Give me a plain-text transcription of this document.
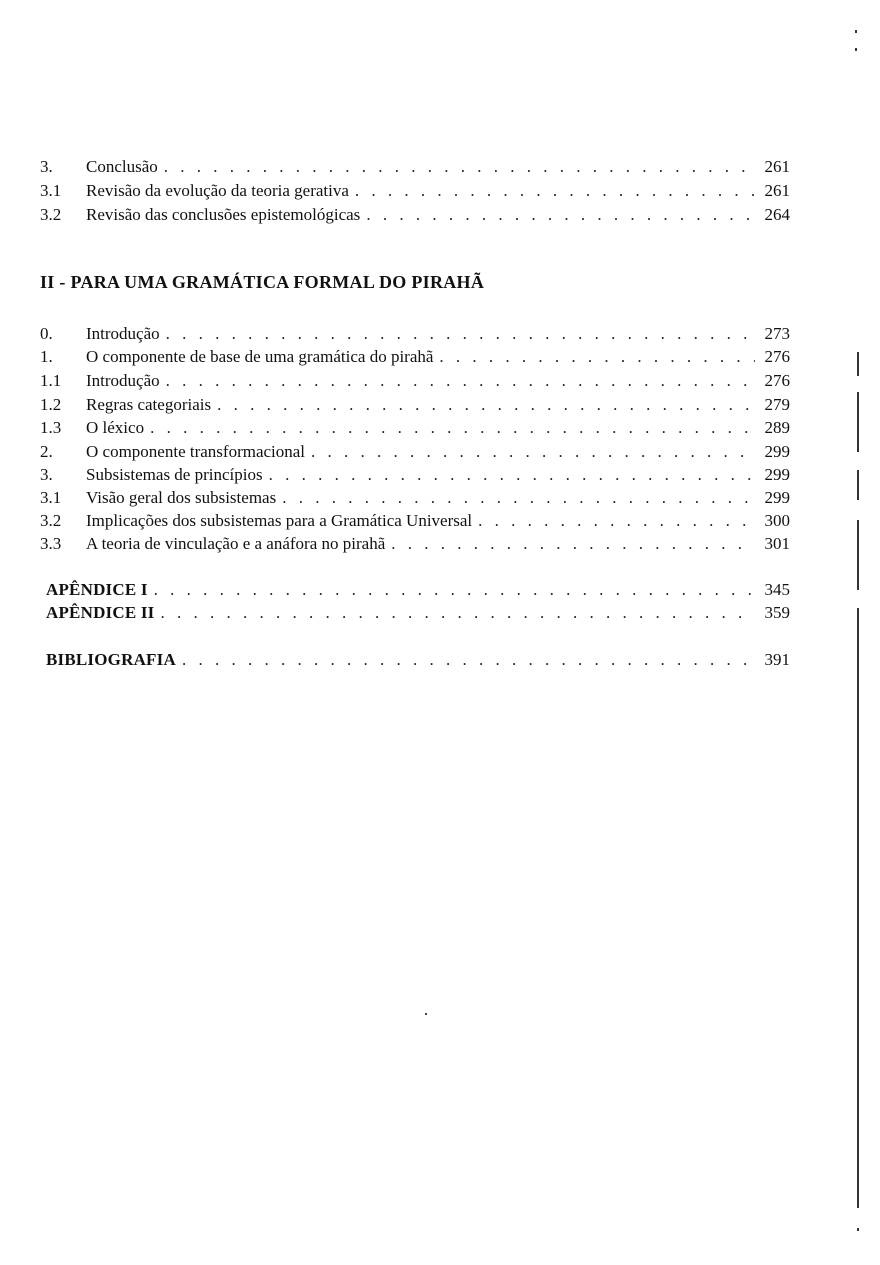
3.	Conclusão . . .	261
3.1	Revisão da evolução da teoria gerativa . . .	261
3.2	Revisão das conclusões epistemológicas . . .	264
II - PARA UMA GRAMÁTICA FORMAL DO PIRAHÃ
0.	Introdução . . .	273
1.	O componente de base de uma gramática do pirahã . . .	276
1.1	Introdução . . .	276
1.2	Regras categoriais . . .	279
1.3	O léxico . . .	289
2.	O componente transformacional . . .	299
3.	Subsistemas de princípios . . .	299
3.1	Visão geral dos subsistemas . . .	299
3.2	Implicações dos subsistemas para a Gramática Universal . . .	300
3.3	A teoria de vinculação e a anáfora no pirahã . . .	301
APÊNDICE I . . .	345
APÊNDICE II . . .	359
BIBLIOGRAFIA . . .	391
